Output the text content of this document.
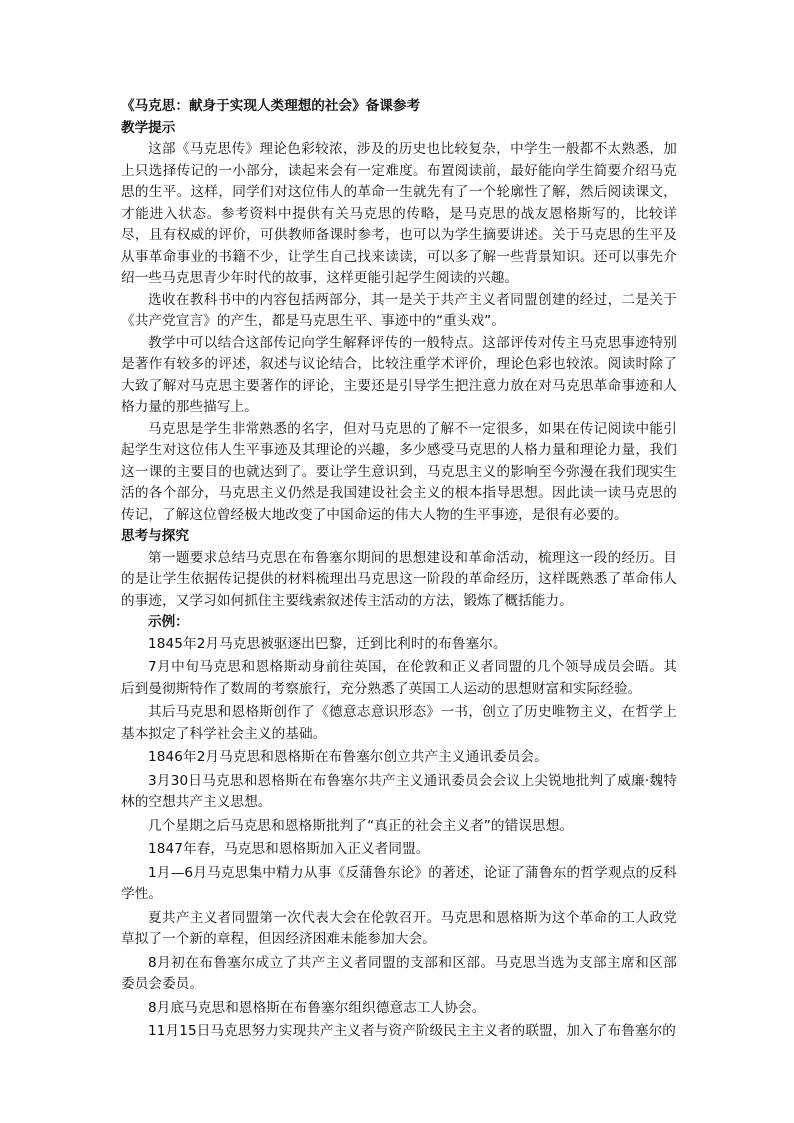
《马克思：献身于实现人类理想的社会》备课参考

教学提示

这部《马克思传》理论色彩较浓，涉及的历史也比较复杂，中学生一般都不太熟悉，加上只选择传记的一小部分，读起来会有一定难度。布置阅读前，最好能向学生简要介绍马克思的生平。这样，同学们对这位伟人的革命一生就先有了一个轮廓性了解，然后阅读课文，才能进入状态。参考资料中提供有关马克思的传略，是马克思的战友恩格斯写的，比较详尽，且有权威的评价，可供教师备课时参考，也可以为学生摘要讲述。关于马克思的生平及从事革命事业的书籍不少，让学生自己找来读读，可以多了解一些背景知识。还可以事先介绍一些马克思青少年时代的故事，这样更能引起学生阅读的兴趣。

选收在教科书中的内容包括两部分，其一是关于共产主义者同盟创建的经过，二是关于《共产党宣言》的产生，都是马克思生平、事迹中的“重头戏”。

教学中可以结合这部传记向学生解释评传的一般特点。这部评传对传主马克思事迹特别是著作有较多的评述，叙述与议论结合，比较注重学术评价，理论色彩也较浓。阅读时除了大致了解对马克思主要著作的评论，主要还是引导学生把注意力放在对马克思革命事迹和人格力量的那些描写上。

马克思是学生非常熟悉的名字，但对马克思的了解不一定很多，如果在传记阅读中能引起学生对这位伟人生平事迹及其理论的兴趣，多少感受马克思的人格力量和理论力量，我们这一课的主要目的也就达到了。要让学生意识到，马克思主义的影响至今弥漫在我们现实生活的各个部分，马克思主义仍然是我国建设社会主义的根本指导思想。因此读一读马克思的传记，了解这位曾经极大地改变了中国命运的伟大人物的生平事迹，是很有必要的。

思考与探究

第一题要求总结马克思在布鲁塞尔期间的思想建设和革命活动，梳理这一段的经历。目的是让学生依据传记提供的材料梳理出马克思这一阶段的革命经历，这样既熟悉了革命伟人的事迹，又学习如何抓住主要线索叙述传主活动的方法，锻炼了概括能力。

示例：

1845年2月马克思被驱逐出巴黎，迁到比利时的布鲁塞尔。

7月中旬马克思和恩格斯动身前往英国，在伦敦和正义者同盟的几个领导成员会晤。其后到曼彻斯特作了数周的考察旅行，充分熟悉了英国工人运动的思想财富和实际经验。

其后马克思和恩格斯创作了《德意志意识形态》一书，创立了历史唯物主义，在哲学上基本拟定了科学社会主义的基础。

1846年2月马克思和恩格斯在布鲁塞尔创立共产主义通讯委员会。

3月30日马克思和恩格斯在布鲁塞尔共产主义通讯委员会会议上尖锐地批判了威廉·魏特林的空想共产主义思想。

几个星期之后马克思和恩格斯批判了“真正的社会主义者”的错误思想。

1847年春，马克思和恩格斯加入正义者同盟。

1月—6月马克思集中精力从事《反蒲鲁东论》的著述，论证了蒲鲁东的哲学观点的反科学性。

夏共产主义者同盟第一次代表大会在伦敦召开。马克思和恩格斯为这个革命的工人政党草拟了一个新的章程，但因经济困难未能参加大会。

8月初在布鲁塞尔成立了共产主义者同盟的支部和区部。马克思当选为支部主席和区部委员会委员。

8月底马克思和恩格斯在布鲁塞尔组织德意志工人协会。

11月15日马克思努力实现共产主义者与资产阶级民主主义者的联盟，加入了布鲁塞尔的
